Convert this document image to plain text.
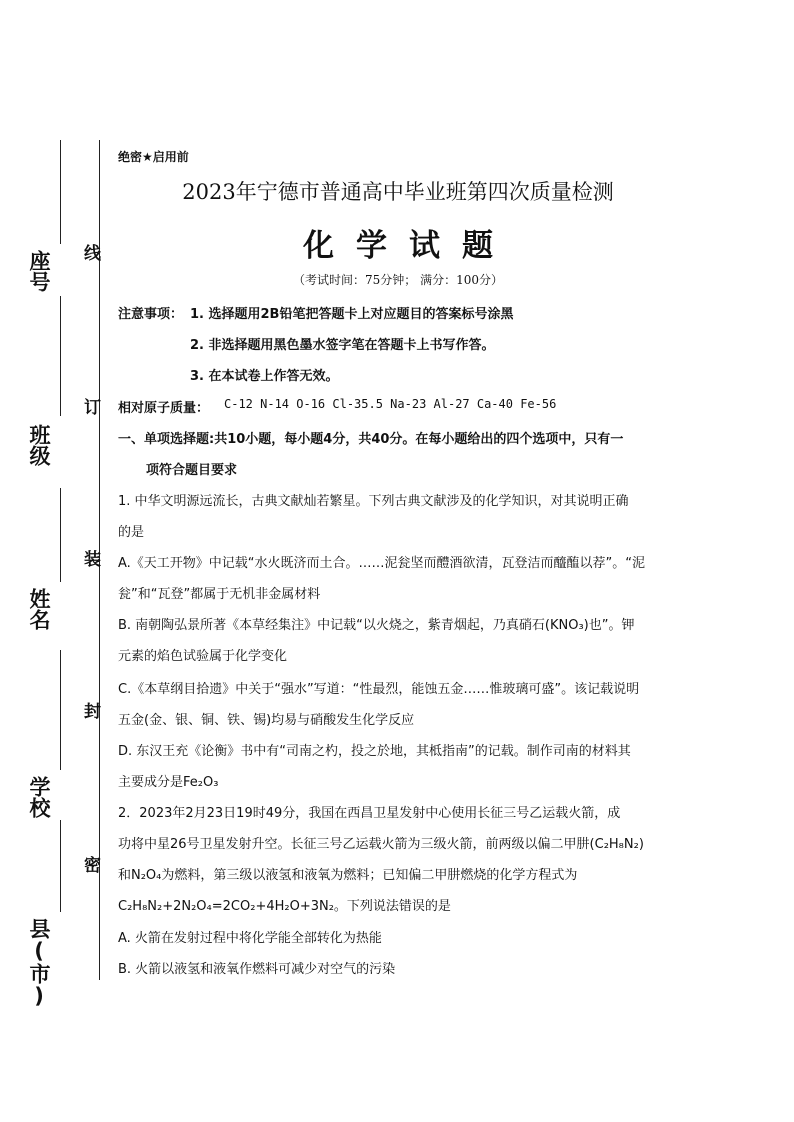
县(市)
学校
姓名
班级
座号 线
订
装
封
密
绝密★启用前
2023年宁德市普通高中毕业班第四次质量检测
化学试题
（考试时间：75分钟； 满分：100分）
注意事项： 1. 选择题用2B铅笔把答题卡上对应题目的答案标号涂黑
2. 非选择题用黑色墨水签字笔在答题卡上书写作答。
3. 在本试卷上作答无效。
相对原子质量： C-12 N-14 O-16 Cl-35.5 Na-23 Al-27 Ca-40 Fe-56
一、单项选择题:共10小题，每小题4分，共40分。在每小题给出的四个选项中，只有一
项符合题目要求
1. 中华文明源远流长，古典文献灿若繁星。下列古典文献涉及的化学知识，对其说明正确
的是
A.《天工开物》中记载“水火既济而土合。……泥瓮坚而醴酒欲清，瓦登洁而醯醢以荐”。“泥
瓮”和“瓦登”都属于无机非金属材料
B. 南朝陶弘景所著《本草经集注》中记载“以火烧之，紫青烟起，乃真硝石(KNO₃)也”。钾
元素的焰色试验属于化学变化
C.《本草纲目拾遗》中关于“强水”写道：“性最烈，能蚀五金……惟玻璃可盛”。该记载说明
五金(金、银、铜、铁、锡)均易与硝酸发生化学反应
D. 东汉王充《论衡》书中有“司南之杓，投之於地，其柢指南”的记载。制作司南的材料其
主要成分是Fe₂O₃
2．2023年2月23日19时49分，我国在西昌卫星发射中心使用长征三号乙运载火箭，成
功将中星26号卫星发射升空。长征三号乙运载火箭为三级火箭，前两级以偏二甲肼(C₂H₈N₂)
和N₂O₄为燃料，第三级以液氢和液氧为燃料；已知偏二甲肼燃烧的化学方程式为
C₂H₈N₂+2N₂O₄=2CO₂+4H₂O+3N₂。下列说法错误的是
A. 火箭在发射过程中将化学能全部转化为热能
B. 火箭以液氢和液氧作燃料可减少对空气的污染
